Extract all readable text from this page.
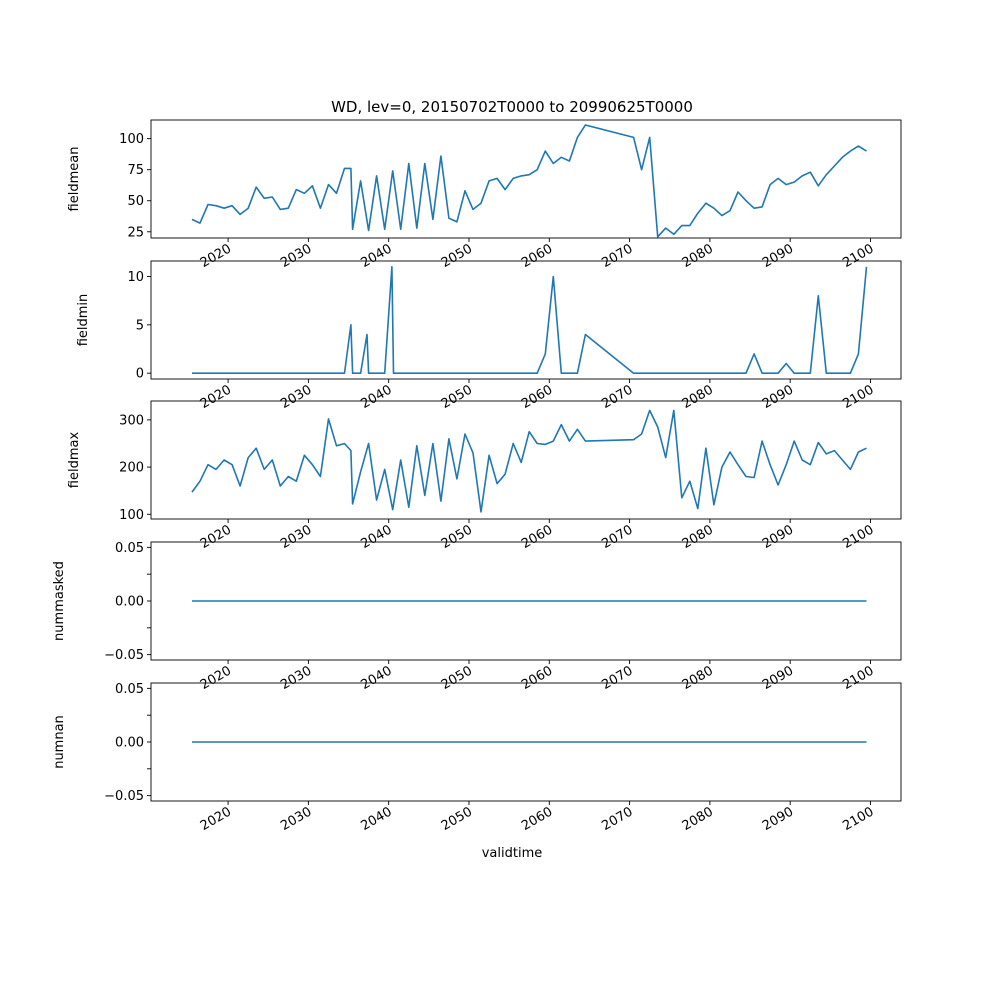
WD, lev=0, 20150702T0000 to 20990625T0000
25
50
75
100
2020	2030	2040	2050	2060	2070	2080	2090	2100
fieldmean
0
5
10
2020	2030	2040	2050	2060	2070	2080	2090	2100
fieldmin
100
200
300
2020	2030	2040	2050	2060	2070	2080	2090	2100
fieldmax
−0.05
0.00
0.05
2020	2030	2040	2050	2060	2070	2080	2090	2100
nummasked
−0.05
0.00
0.05
2020	2030	2040	2050	2060	2070	2080	2090	2100
numnan
validtime
